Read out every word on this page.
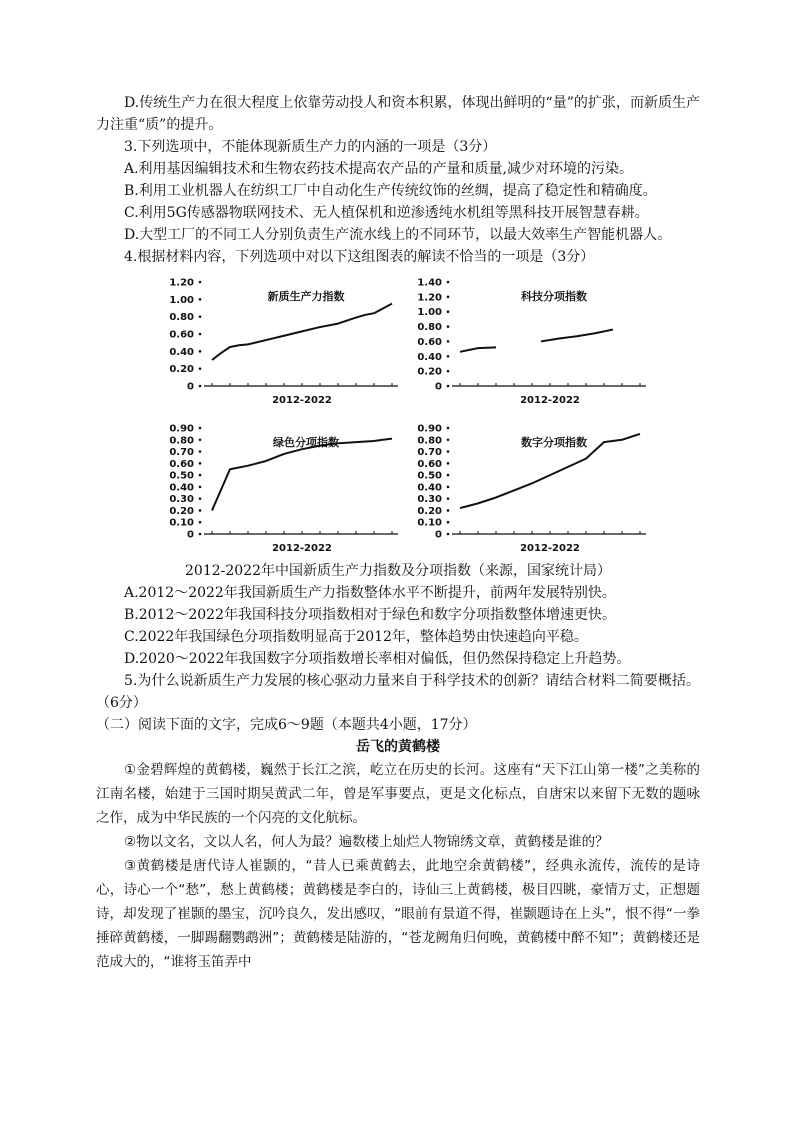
D.传统生产力在很大程度上依靠劳动投人和资本积累，体现出鲜明的“量”的扩张，而新质生产力注重“质”的提升。

3.下列选项中，不能体现新质生产力的内涵的一项是（3分）

A.利用基因编辑技术和生物农药技术提高农产品的产量和质量,减少对环境的污染。

B.利用工业机器人在纺织工厂中自动化生产传统纹饰的丝绸，提高了稳定性和精确度。

C.利用5G传感器物联网技术、无人植保机和逆渗透纯水机组等黑科技开展智慧春耕。

D.大型工厂的不同工人分别负责生产流水线上的不同环节，以最大效率生产智能机器人。

4.根据材料内容，下列选项中对以下这组图表的解读不恰当的一项是（3分）

0
0.20
0.40
0.60
0.80
1.00
1.20
2012-2022
新质生产力指数
0
0.20
0.40
0.60
0.80
1.00
1.20
1.40
2012-2022
科技分项指数
0
0.10
0.20
0.30
0.40
0.50
0.60
0.70
0.80
0.90
2012-2022
绿色分项指数
0
0.10
0.20
0.30
0.40
0.50
0.60
0.70
0.80
0.90
2012-2022
数字分项指数

2012-2022年中国新质生产力指数及分项指数（来源，国家统计局）

A.2012～2022年我国新质生产力指数整体水平不断提升，前两年发展特别快。

B.2012～2022年我国科技分项指数相对于绿色和数字分项指数整体增速更快。

C.2022年我国绿色分项指数明显高于2012年，整体趋势由快速趋向平稳。

D.2020～2022年我国数字分项指数增长率相对偏低，但仍然保持稳定上升趋势。

5.为什么说新质生产力发展的核心驱动力量来自于科学技术的创新？请结合材料二简要概括。（6分）

（二）阅读下面的文字，完成6～9题（本题共4小题，17分）

岳飞的黄鹤楼

①金碧辉煌的黄鹤楼，巍然于长江之滨，屹立在历史的长河。这座有“天下江山第一楼”之美称的江南名楼，始建于三国时期吴黄武二年，曾是军事要点，更是文化标点，自唐宋以来留下无数的题咏之作，成为中华民族的一个闪亮的文化航标。

②物以文名，文以人名，何人为最？遍数楼上灿烂人物锦绣文章，黄鹤楼是谁的？

③黄鹤楼是唐代诗人崔颢的，“昔人已乘黄鹤去，此地空余黄鹤楼”，经典永流传，流传的是诗心，诗心一个“愁”，愁上黄鹤楼；黄鹤楼是李白的，诗仙三上黄鹤楼，极目四眺，豪情万丈，正想题诗，却发现了崔颢的墨宝，沉吟良久，发出感叹，“眼前有景道不得，崔颢题诗在上头”，恨不得“一拳捶碎黄鹤楼，一脚踢翻鹦鹉洲”；黄鹤楼是陆游的，“苍龙阙角归何晚，黄鹤楼中醉不知”；黄鹤楼还是范成大的，“谁将玉笛弄中
